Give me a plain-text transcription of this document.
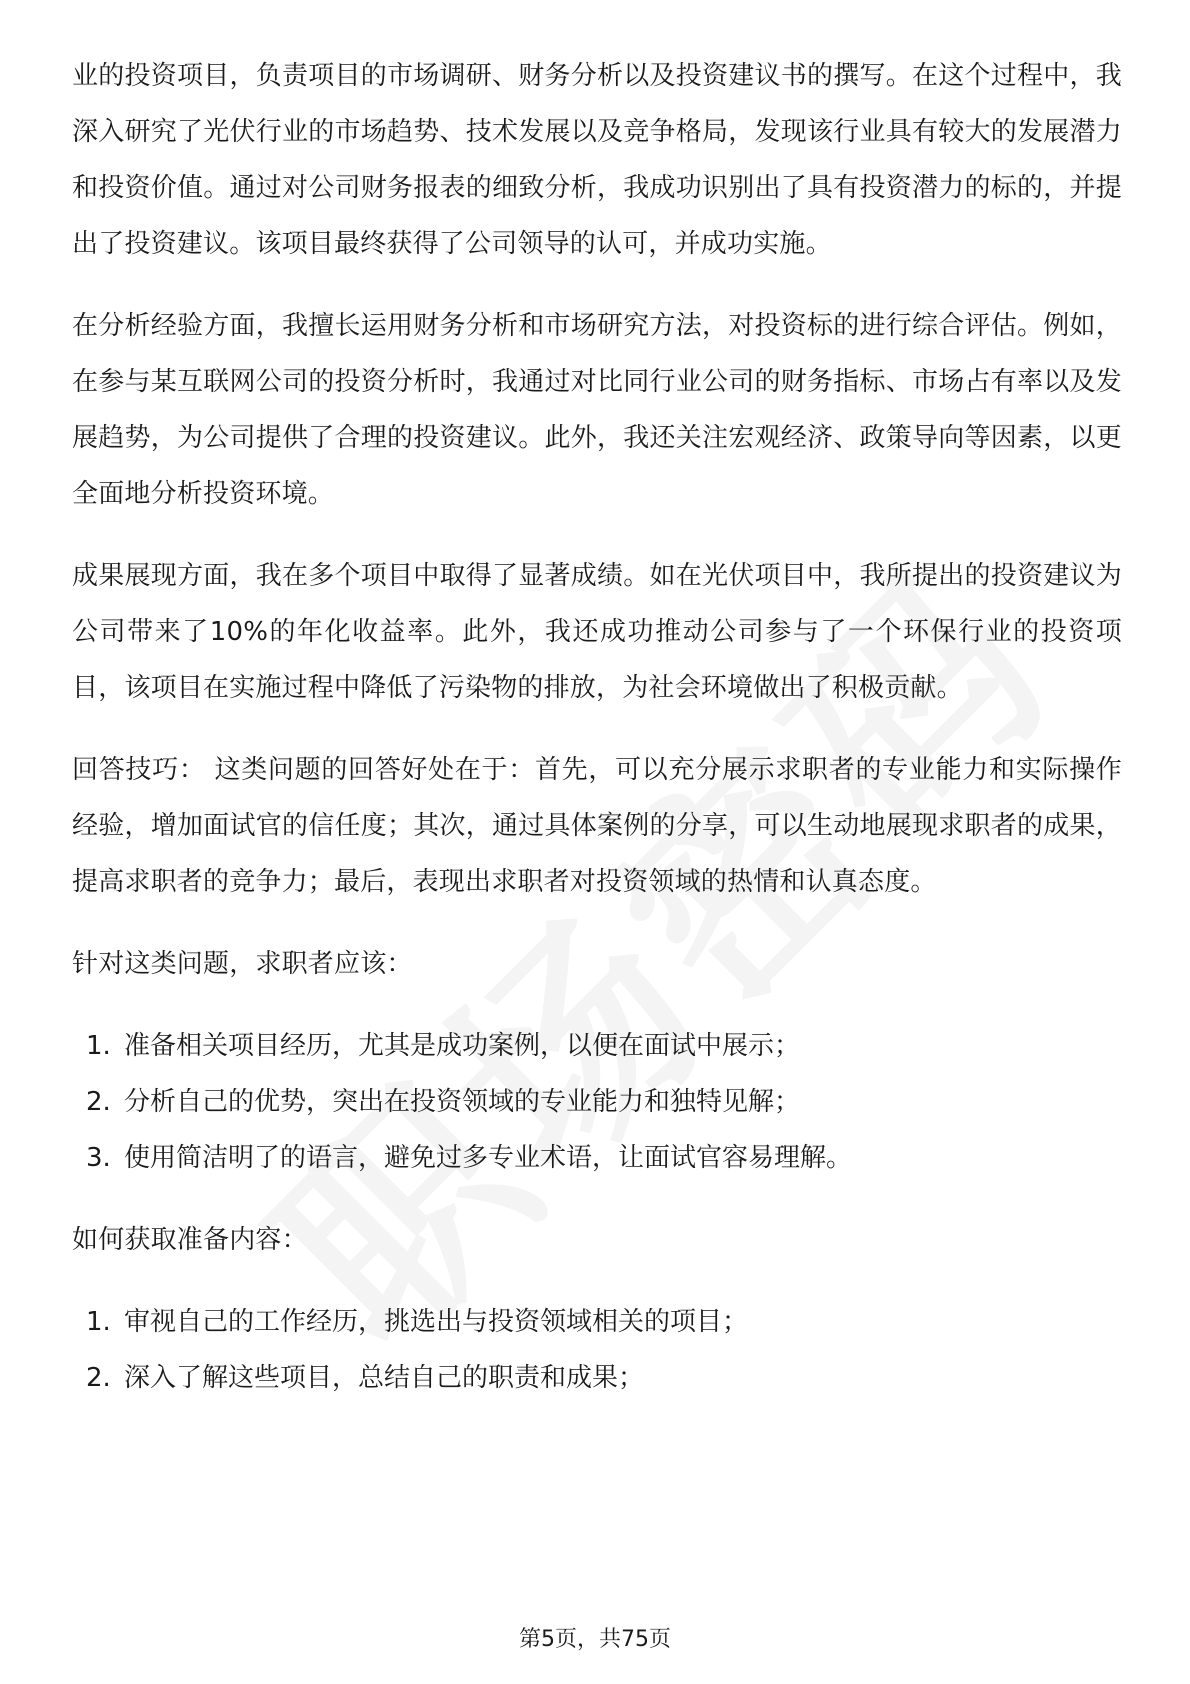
业的投资项目，负责项目的市场调研、财务分析以及投资建议书的撰写。在这个过程中，我深入研究了光伏行业的市场趋势、技术发展以及竞争格局，发现该行业具有较大的发展潜力和投资价值。通过对公司财务报表的细致分析，我成功识别出了具有投资潜力的标的，并提出了投资建议。该项目最终获得了公司领导的认可，并成功实施。

在分析经验方面，我擅长运用财务分析和市场研究方法，对投资标的进行综合评估。例如，在参与某互联网公司的投资分析时，我通过对比同行业公司的财务指标、市场占有率以及发展趋势，为公司提供了合理的投资建议。此外，我还关注宏观经济、政策导向等因素，以更全面地分析投资环境。

成果展现方面，我在多个项目中取得了显著成绩。如在光伏项目中，我所提出的投资建议为公司带来了10%的年化收益率。此外，我还成功推动公司参与了一个环保行业的投资项目，该项目在实施过程中降低了污染物的排放，为社会环境做出了积极贡献。

回答技巧： 这类问题的回答好处在于：首先，可以充分展示求职者的专业能力和实际操作经验，增加面试官的信任度；其次，通过具体案例的分享，可以生动地展现求职者的成果，提高求职者的竞争力；最后，表现出求职者对投资领域的热情和认真态度。

针对这类问题，求职者应该：

1. 准备相关项目经历，尤其是成功案例，以便在面试中展示；
2. 分析自己的优势，突出在投资领域的专业能力和独特见解；
3. 使用简洁明了的语言，避免过多专业术语，让面试官容易理解。

如何获取准备内容：

1. 审视自己的工作经历，挑选出与投资领域相关的项目；
2. 深入了解这些项目，总结自己的职责和成果；
第5页，共75页
